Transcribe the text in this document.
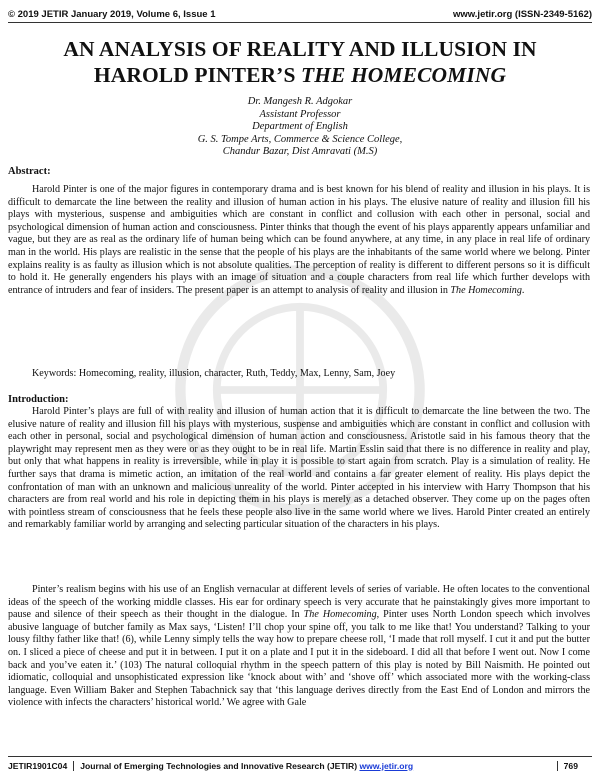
© 2019 JETIR January 2019, Volume 6, Issue 1	www.jetir.org (ISSN-2349-5162)
AN ANALYSIS OF REALITY AND ILLUSION IN
HAROLD PINTER’S THE HOMECOMING
Dr. Mangesh R. Adgokar
Assistant Professor
Department of English
G. S. Tompe Arts, Commerce & Science College,
Chandur Bazar, Dist Amravati (M.S)
Abstract:

Harold Pinter is one of the major figures in contemporary drama and is best known for his blend of reality and illusion in his plays. It is difficult to demarcate the line between the reality and illusion of human action in his plays. The elusive nature of reality and illusion fill his plays with mysterious, suspense and ambiguities which are constant in conflict and collusion with each other in personal, social and psychological dimension of human action and consciousness. Pinter thinks that though the event of his plays apparently appears unfamiliar and vague, but they are as real as the ordinary life of human being which can be found anywhere, at any time, in any place in real life of ordinary man in the world. His plays are realistic in the sense that the people of his plays are the inhabitants of the same world where we belong. Pinter explains reality is as faulty as illusion which is not absolute qualities. The perception of reality is different to different persons so it is difficult to hold it. He generally engenders his plays with an image of situation and a couple characters from real life which further develops with entrance of intruders and fear of insiders. The present paper is an attempt to analysis of reality and illusion in The Homecoming.

Keywords: Homecoming, reality, illusion, character, Ruth, Teddy, Max, Lenny, Sam, Joey

Introduction:

Harold Pinter’s plays are full of with reality and illusion of human action that it is difficult to demarcate the line between the two. The elusive nature of reality and illusion fill his plays with mysterious, suspense and ambiguities which are constant in conflict and collusion with each other in personal, social and psychological dimension of human action and consciousness. Aristotle said in his famous theory that the playwright may represent men as they were or as they ought to be in real life. Martin Esslin said that there is no difference in reality and play, but only that what happens in reality is irreversible, while in play it is possible to start again from scratch. Play is a simulation of reality. He further says that drama is mimetic action, an imitation of the real world and contains a far greater element of reality. His plays depict the confrontation of man with an unknown and malicious unreality of the world. Pinter accepted in his interview with Harry Thompson that his characters are from real world and his role in depicting them in his plays is merely as a detached observer. They come up on the pages often with pointless stream of consciousness that he feels these people also live in the same world where we lives. Harold Pinter created an entirely and remarkably familiar world by arranging and selecting particular situation of the characters in his plays.

Pinter’s realism begins with his use of an English vernacular at different levels of series of variable. He often locates to the conventional ideas of the speech of the working middle classes. His ear for ordinary speech is very accurate that he painstakingly gives more important to pause and silence of their speech as their thought in the dialogue. In The Homecoming, Pinter uses North London speech which involves abusive language of butcher family as Max says, ‘Listen! I’ll chop your spine off, you talk to me like that! You understand? Talking to your lousy filthy father like that! (6), while Lenny simply tells the way how to prepare cheese roll, ‘I made that roll myself. I cut it and put the butter on. I sliced a piece of cheese and put it in between. I put it on a plate and I put it in the sideboard. I did all that before I went out. Now I come back and you’ve eaten it.’ (103) The natural colloquial rhythm in the speech pattern of this play is noted by Bill Naismith. He pointed out idiomatic, colloquial and unsophisticated expression like ‘knock about with’ and ‘shove off’ which associated more with the working-class language. Even William Baker and Stephen Tabachnick say that ‘this language derives directly from the East End of London and mirrors the violence with infects the characters’ historical world.’ We agree with Gale

JETIR1901C04	Journal of Emerging Technologies and Innovative Research (JETIR) www.jetir.org	769
